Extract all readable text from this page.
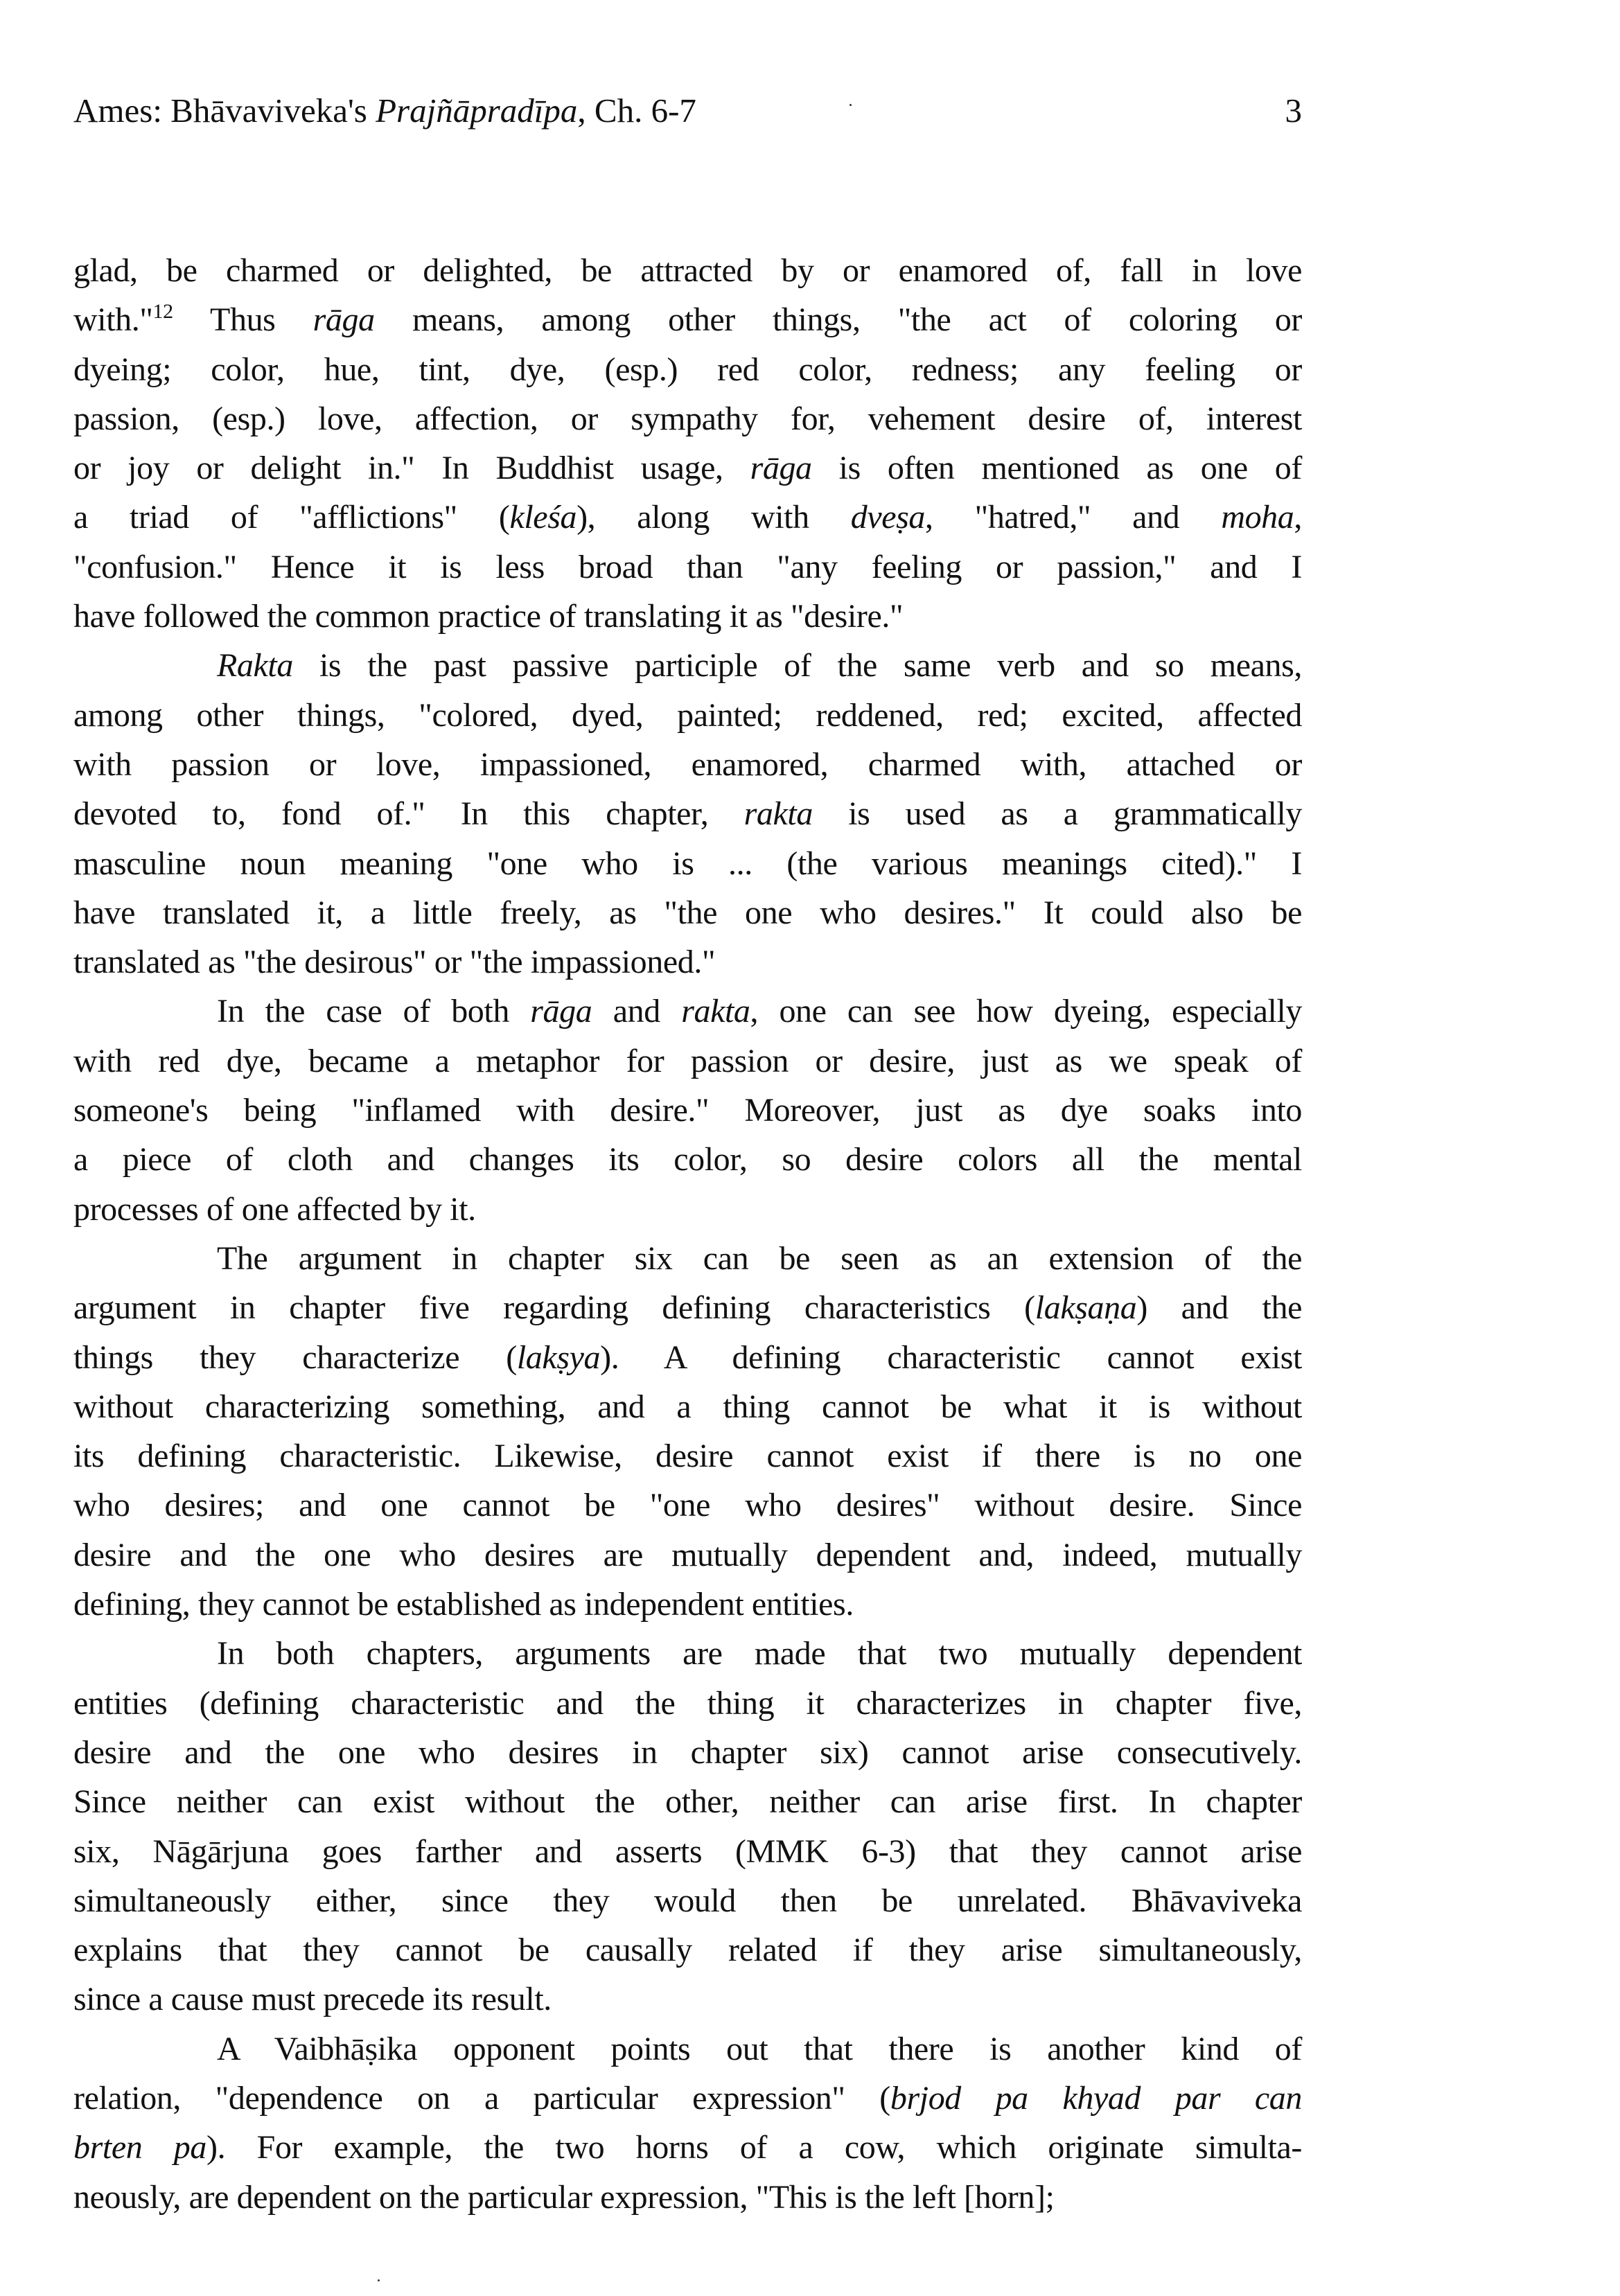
Ames: Bhāvaviveka's Prajñāpradīpa, Ch. 6-7	3
glad, be charmed or delighted, be attracted by or enamored of, fall in love
with."$^{12}$ Thus rāga means, among other things, "the act of coloring or
dyeing; color, hue, tint, dye, (esp.) red color, redness; any feeling or
passion, (esp.) love, affection, or sympathy for, vehement desire of, interest
or joy or delight in." In Buddhist usage, rāga is often mentioned as one of
a triad of "afflictions" (kleśa), along with dveṣa, "hatred," and moha,
"confusion." Hence it is less broad than "any feeling or passion," and I
have followed the common practice of translating it as "desire."
Rakta is the past passive participle of the same verb and so means,
among other things, "colored, dyed, painted; reddened, red; excited, affected
with passion or love, impassioned, enamored, charmed with, attached or
devoted to, fond of." In this chapter, rakta is used as a grammatically
masculine noun meaning "one who is ... (the various meanings cited)." I
have translated it, a little freely, as "the one who desires." It could also be
translated as "the desirous" or "the impassioned."
In the case of both rāga and rakta, one can see how dyeing, especially
with red dye, became a metaphor for passion or desire, just as we speak of
someone's being "inflamed with desire." Moreover, just as dye soaks into
a piece of cloth and changes its color, so desire colors all the mental
processes of one affected by it.
The argument in chapter six can be seen as an extension of the
argument in chapter five regarding defining characteristics (lakṣaṇa) and the
things they characterize (lakṣya). A defining characteristic cannot exist
without characterizing something, and a thing cannot be what it is without
its defining characteristic. Likewise, desire cannot exist if there is no one
who desires; and one cannot be "one who desires" without desire. Since
desire and the one who desires are mutually dependent and, indeed, mutually
defining, they cannot be established as independent entities.
In both chapters, arguments are made that two mutually dependent
entities (defining characteristic and the thing it characterizes in chapter five,
desire and the one who desires in chapter six) cannot arise consecutively.
Since neither can exist without the other, neither can arise first. In chapter
six, Nāgārjuna goes farther and asserts (MMK 6-3) that they cannot arise
simultaneously either, since they would then be unrelated. Bhāvaviveka
explains that they cannot be causally related if they arise simultaneously,
since a cause must precede its result.
A Vaibhāṣika opponent points out that there is another kind of
relation, "dependence on a particular expression" (brjod pa khyad par can
brten pa). For example, the two horns of a cow, which originate simulta-
neously, are dependent on the particular expression, "This is the left [horn];
